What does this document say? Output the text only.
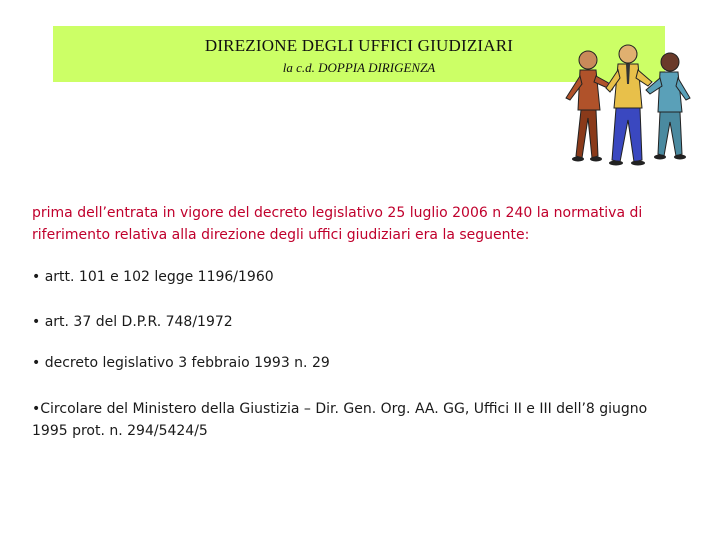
DIREZIONE DEGLI UFFICI GIUDIZIARI
la c.d. DOPPIA DIRIGENZA

prima dell’entrata in vigore del decreto legislativo 25 luglio 2006 n 240 la normativa di riferimento relativa alla direzione degli uffici giudiziari era la seguente:

• artt. 101 e 102 legge 1196/1960

• art. 37 del D.P.R. 748/1972

• decreto legislativo 3 febbraio 1993 n. 29

•Circolare del Ministero della Giustizia – Dir. Gen. Org. AA. GG, Uffici II e III dell’8 giugno 1995 prot. n. 294/5424/5
